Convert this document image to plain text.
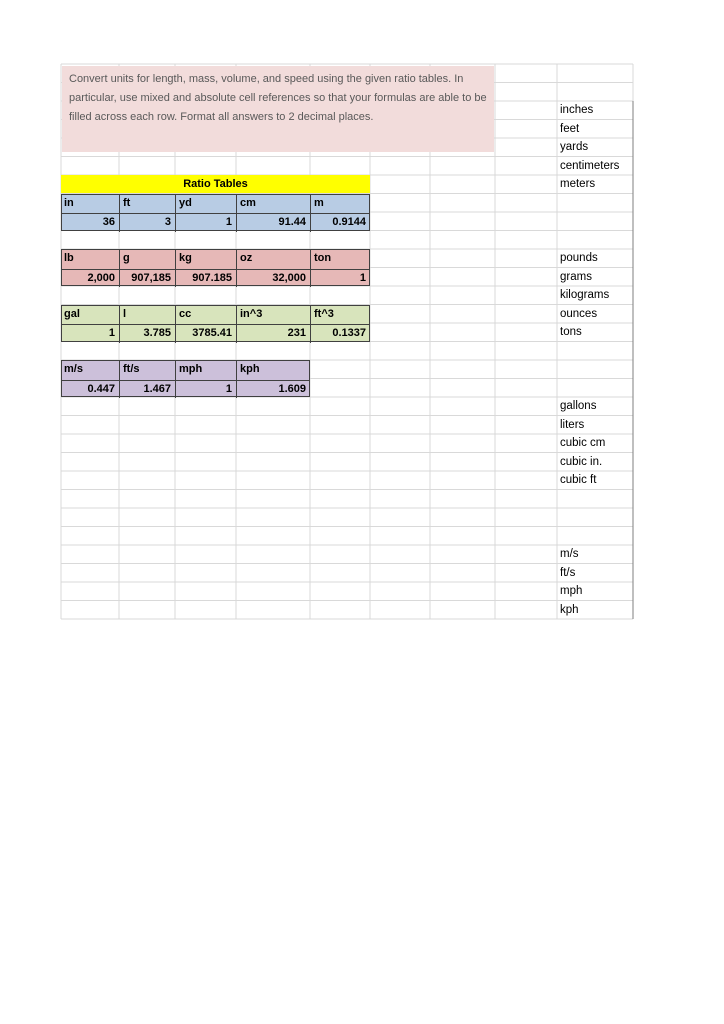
Convert units for length, mass, volume, and speed using the given ratio tables. In particular, use mixed and absolute cell references so that your formulas are able to be filled across each row. Format all answers to 2 decimal places.
Ratio Tables
in
36
ft
3
yd
1
cm
91.44
m
0.9144
lb
2,000
g
907,185
kg
907.185
oz
32,000
ton
1
gal
1
l
3.785
cc
3785.41
in^3
231
ft^3
0.1337
m/s
0.447
ft/s
1.467
mph
1
kph
1.609
inches
feet
yards
centimeters
meters
pounds
grams
kilograms
ounces
tons
gallons
liters
cubic cm
cubic in.
cubic ft
m/s
ft/s
mph
kph
